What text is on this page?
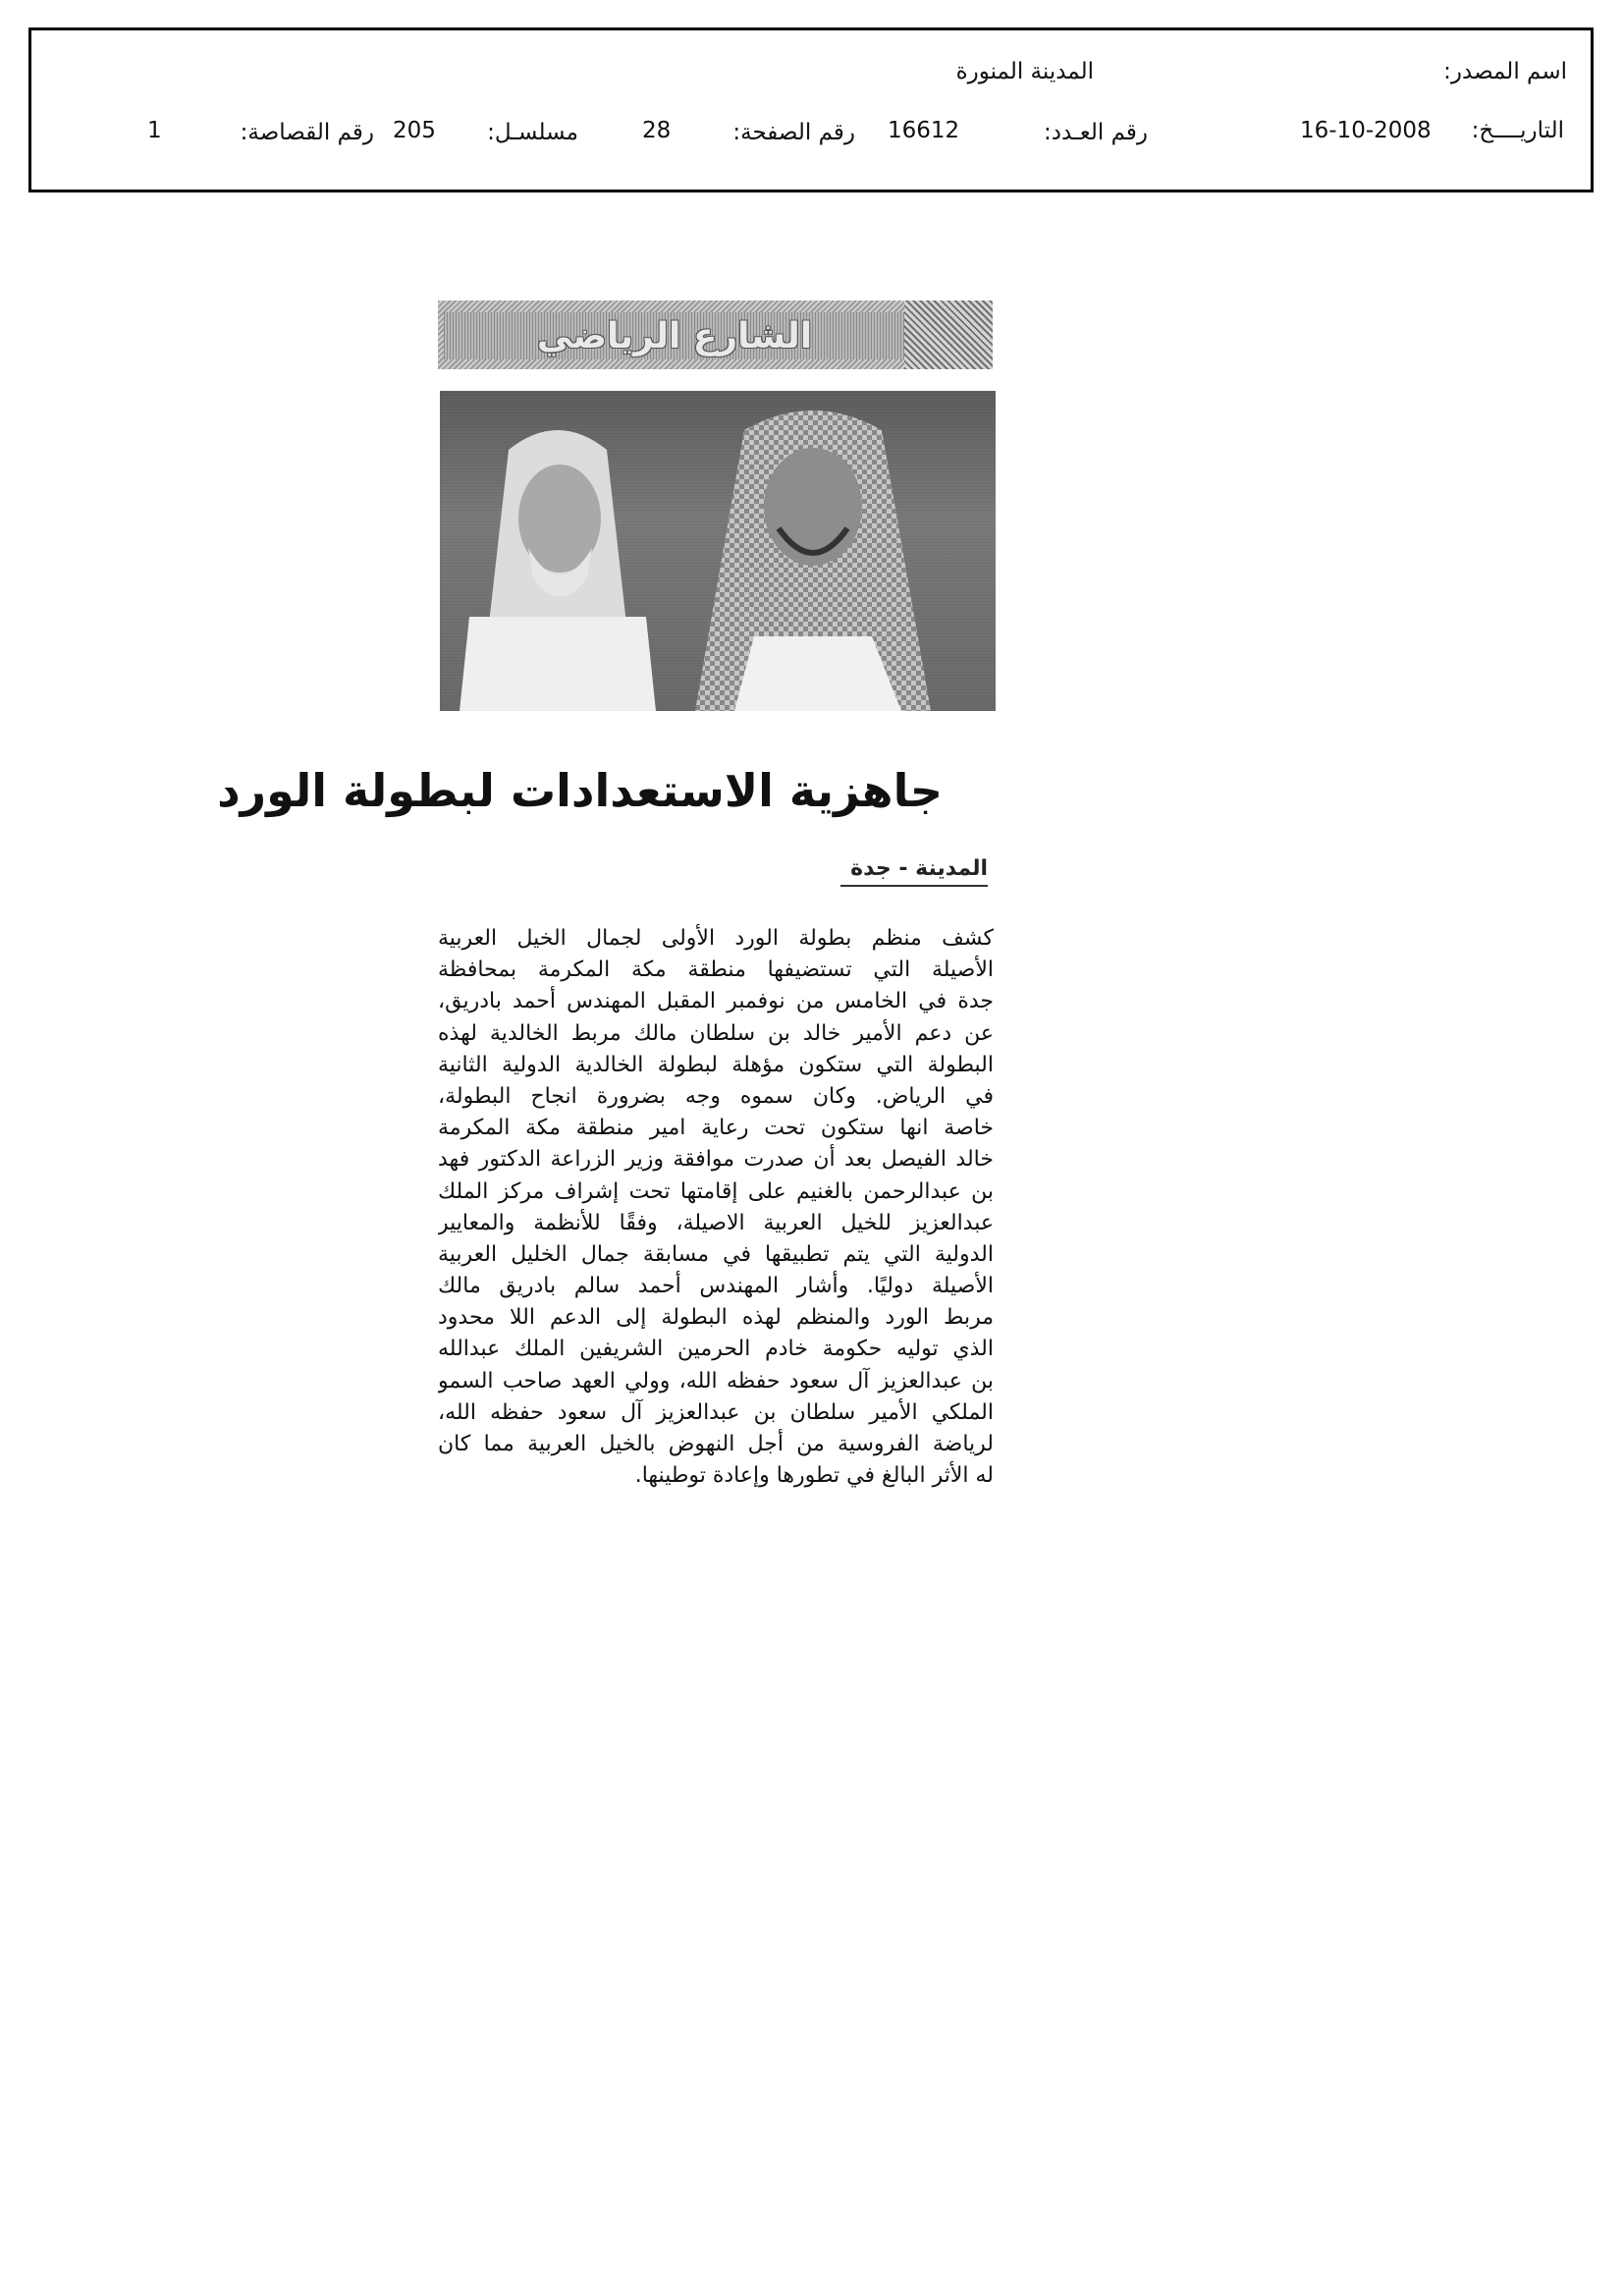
اسم المصدر:
المدينة المنورة
التاريــــخ:
16-10-2008
رقم العـدد:
16612
رقم الصفحة:
28
مسلسـل:
205
رقم القصاصة:
1
الشارع الرياضي
جاهزية الاستعدادات لبطولة الورد
المدينة - جدة
كشف منظم بطولة الورد الأولى لجمال الخيل العربية
الأصيلة التي تستضيفها منطقة مكة المكرمة بمحافظة
جدة في الخامس من نوفمبر المقبل المهندس أحمد بادريق،
عن دعم الأمير خالد بن سلطان مالك مربط الخالدية لهذه
البطولة التي ستكون مؤهلة لبطولة الخالدية الدولية الثانية
في الرياض. وكان سموه وجه بضرورة انجاح البطولة،
خاصة انها ستكون تحت رعاية امير منطقة مكة المكرمة
خالد الفيصل بعد أن صدرت موافقة وزير الزراعة الدكتور فهد
بن عبدالرحمن بالغنيم على إقامتها تحت إشراف مركز الملك
عبدالعزيز للخيل العربية الاصيلة، وفقًا للأنظمة والمعايير
الدولية التي يتم تطبيقها في مسابقة جمال الخليل العربية
الأصيلة دوليًا. وأشار المهندس أحمد سالم بادريق مالك
مربط الورد والمنظم لهذه البطولة إلى الدعم اللا محدود
الذي توليه حكومة خادم الحرمين الشريفين الملك عبدالله
بن عبدالعزيز آل سعود حفظه الله، وولي العهد صاحب السمو
الملكي الأمير سلطان بن عبدالعزيز آل سعود حفظه الله،
لرياضة الفروسية من أجل النهوض بالخيل العربية مما كان
له الأثر البالغ في تطورها وإعادة توطينها.
